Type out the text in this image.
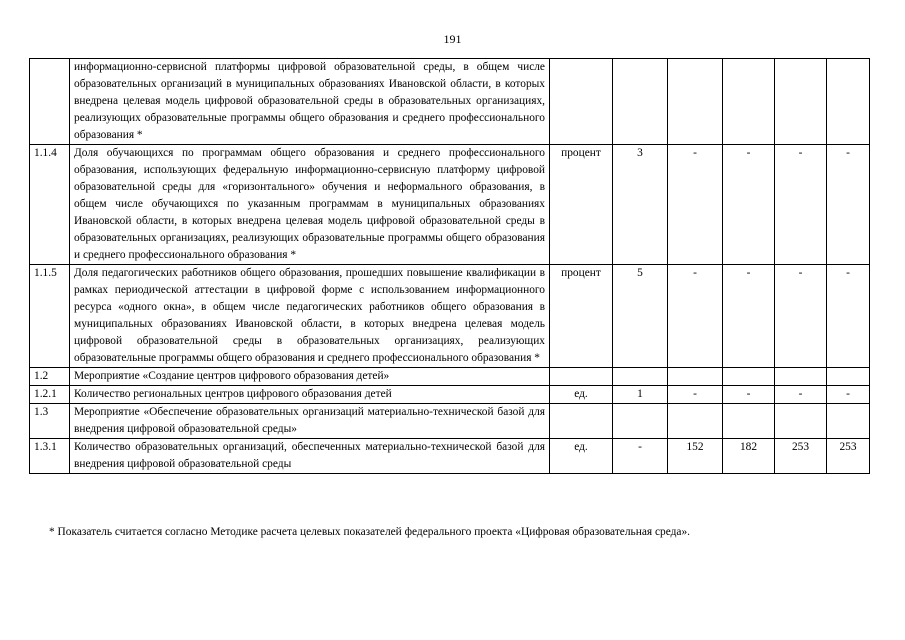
191
	информационно-сервисной платформы цифровой образовательной среды, в общем числе образовательных организаций в муниципальных образованиях Ивановской области, в которых внедрена целевая модель цифровой образовательной среды в образовательных организациях, реализующих образовательные программы общего образования и среднего профессионального образования *						
1.1.4	Доля обучающихся по программам общего образования и среднего профессионального образования, использующих федеральную информационно-сервисную платформу цифровой образовательной среды для «горизонтального» обучения и неформального образования, в общем числе обучающихся по указанным программам в муниципальных образованиях Ивановской области, в которых внедрена целевая модель цифровой образовательной среды в образовательных организациях, реализующих образовательные программы общего образования и среднего профессионального образования *	процент	3	-	-	-	-
1.1.5	Доля педагогических работников общего образования, прошедших повышение квалификации в рамках периодической аттестации в цифровой форме с использованием информационного ресурса «одного окна», в общем числе педагогических работников общего образования в муниципальных образованиях Ивановской области, в которых внедрена целевая модель цифровой образовательной среды в образовательных организациях, реализующих образовательные программы общего образования и среднего профессионального образования *	процент	5	-	-	-	-
1.2	Мероприятие «Создание центров цифрового образования детей»						
1.2.1	Количество региональных центров цифрового образования детей	ед.	1	-	-	-	-
1.3	Мероприятие «Обеспечение образовательных организаций материально-технической базой для внедрения цифровой образовательной среды»						
1.3.1	Количество образовательных организаций, обеспеченных материально-технической базой для внедрения цифровой образовательной среды	ед.	-	152	182	253	253
* Показатель считается согласно Методике расчета целевых показателей федерального проекта «Цифровая образовательная среда».
